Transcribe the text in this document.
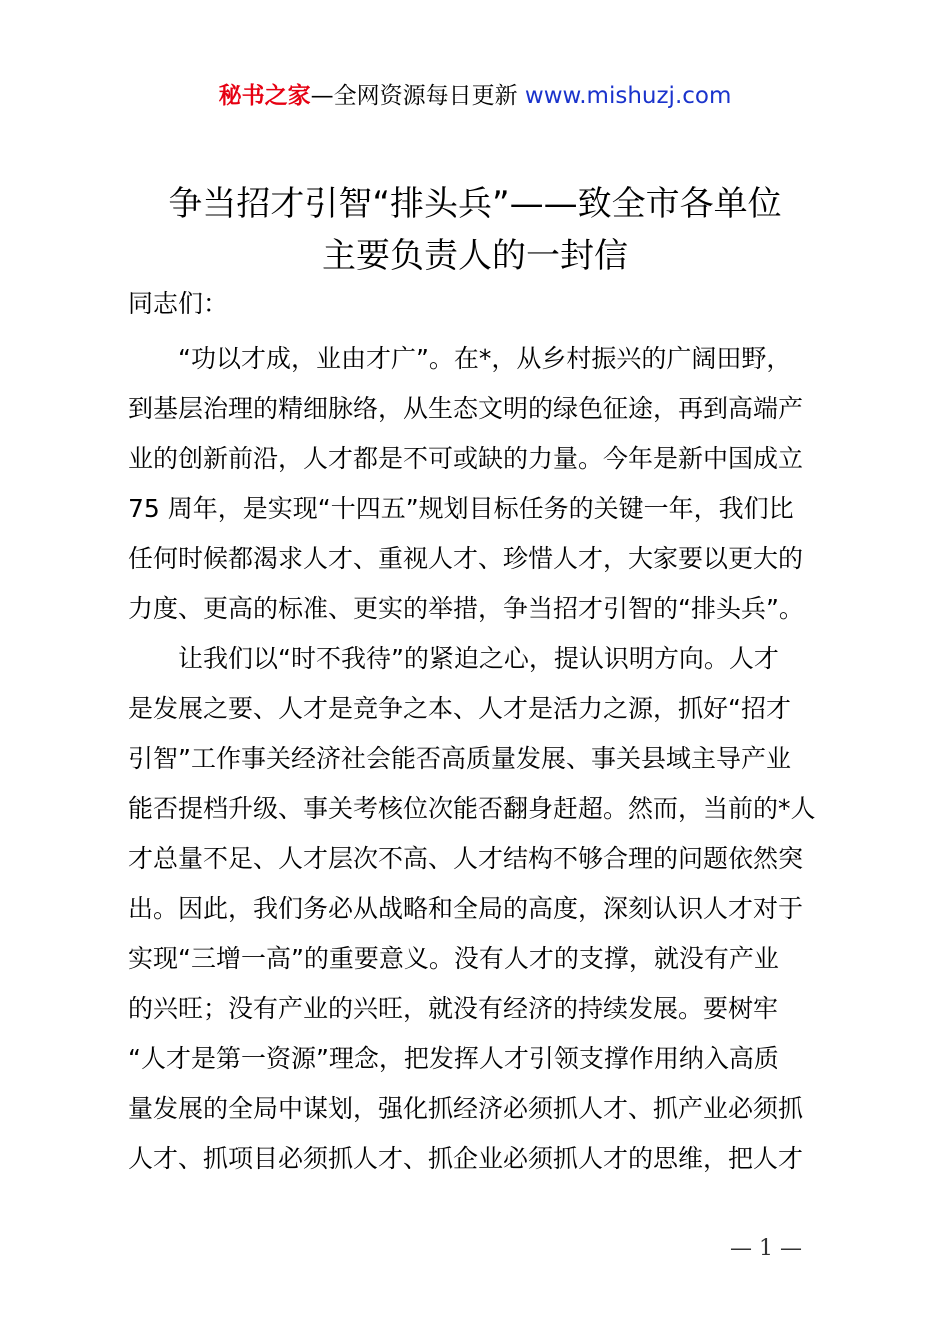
秘书之家—全网资源每日更新 www.mishuzj.com
争当招才引智“排头兵”——致全市各单位
主要负责人的一封信
同志们：
　　“功以才成，业由才广”。在*，从乡村振兴的广阔田野，
到基层治理的精细脉络，从生态文明的绿色征途，再到高端产
业的创新前沿，人才都是不可或缺的力量。今年是新中国成立
75 周年，是实现“十四五”规划目标任务的关键一年，我们比
任何时候都渴求人才、重视人才、珍惜人才，大家要以更大的
力度、更高的标准、更实的举措，争当招才引智的“排头兵”。
　　让我们以“时不我待”的紧迫之心，提认识明方向。人才
是发展之要、人才是竞争之本、人才是活力之源，抓好“招才
引智”工作事关经济社会能否高质量发展、事关县域主导产业
能否提档升级、事关考核位次能否翻身赶超。然而，当前的*人
才总量不足、人才层次不高、人才结构不够合理的问题依然突
出。因此，我们务必从战略和全局的高度，深刻认识人才对于
实现“三增一高”的重要意义。没有人才的支撑，就没有产业
的兴旺；没有产业的兴旺，就没有经济的持续发展。要树牢
“人才是第一资源”理念，把发挥人才引领支撑作用纳入高质
量发展的全局中谋划，强化抓经济必须抓人才、抓产业必须抓
人才、抓项目必须抓人才、抓企业必须抓人才的思维，把人才
— 1 —
